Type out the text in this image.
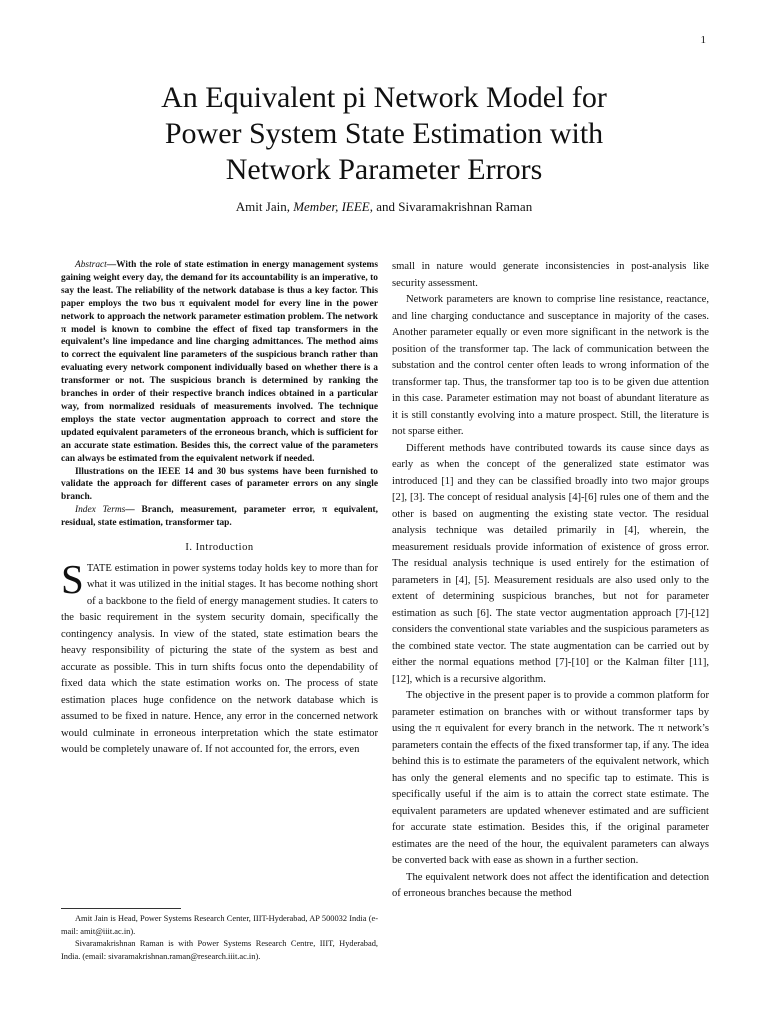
1
An Equivalent pi Network Model for
Power System State Estimation with
Network Parameter Errors
Amit Jain, Member, IEEE, and Sivaramakrishnan Raman

Abstract—With the role of state estimation in energy management systems gaining weight every day, the demand for its accountability is an imperative, to say the least. The reliability of the network database is thus a key factor. This paper employs the two bus π equivalent model for every line in the power network to approach the network parameter estimation problem. The network π model is known to combine the effect of fixed tap transformers in the equivalent’s line impedance and line charging admittances. The method aims to correct the equivalent line parameters of the suspicious branch rather than evaluating every network component individually based on whether there is a transformer or not. The suspicious branch is determined by ranking the branches in order of their respective branch indices obtained in a particular way, from normalized residuals of measurements involved. The technique employs the state vector augmentation approach to correct and store the updated equivalent parameters of the erroneous branch, which is sufficient for an accurate state estimation. Besides this, the correct value of the parameters can always be estimated from the equivalent network if needed.

Illustrations on the IEEE 14 and 30 bus systems have been furnished to validate the approach for different cases of parameter errors on any single branch.

Index Terms— Branch, measurement, parameter error, π equivalent, residual, state estimation, transformer tap.

I. Introduction

STATE estimation in power systems today holds key to more than for what it was utilized in the initial stages. It has become nothing short of a backbone to the field of energy management studies. It caters to the basic requirement in the system security domain, specifically the contingency analysis. In view of the stated, state estimation bears the heavy responsibility of picturing the state of the system as best and accurate as possible. This in turn shifts focus onto the dependability of fixed data which the state estimation works on. The process of state estimation places huge confidence on the network database which is assumed to be fixed in nature. Hence, any error in the concerned network would culminate in erroneous interpretation which the state estimator would be completely unaware of. If not accounted for, the errors, even

Amit Jain is Head, Power Systems Research Center, IIIT-Hyderabad, AP 500032 India (e-mail: amit@iiit.ac.in).

Sivaramakrishnan Raman is with Power Systems Research Centre, IIIT, Hyderabad, India. (email: sivaramakrishnan.raman@research.iiit.ac.in).

small in nature would generate inconsistencies in post-analysis like security assessment.

Network parameters are known to comprise line resistance, reactance, and line charging conductance and susceptance in majority of the cases. Another parameter equally or even more significant in the network is the position of the transformer tap. The lack of communication between the substation and the control center often leads to wrong information of the transformer tap. Thus, the transformer tap too is to be given due attention in this case. Parameter estimation may not boast of abundant literature as it is still constantly evolving into a mature prospect. Still, the literature is not sparse either.

Different methods have contributed towards its cause since days as early as when the concept of the generalized state estimator was introduced [1] and they can be classified broadly into two major groups [2], [3]. The concept of residual analysis [4]-[6] rules one of them and the other is based on augmenting the existing state vector. The residual analysis technique was detailed primarily in [4], wherein, the measurement residuals provide information of existence of gross error. The residual analysis technique is used entirely for the estimation of parameters in [4], [5]. Measurement residuals are also used only to the extent of determining suspicious branches, but not for parameter estimation as such [6]. The state vector augmentation approach [7]-[12] considers the conventional state variables and the suspicious parameters as the combined state vector. The state augmentation can be carried out by either the normal equations method [7]-[10] or the Kalman filter [11], [12], which is a recursive algorithm.

The objective in the present paper is to provide a common platform for parameter estimation on branches with or without transformer taps by using the π equivalent for every branch in the network. The π network’s parameters contain the effects of the fixed transformer tap, if any. The idea behind this is to estimate the parameters of the equivalent network, which has only the general elements and no specific tap to estimate. This is specifically useful if the aim is to attain the correct state estimate. The equivalent parameters are updated whenever estimated and are sufficient for accurate state estimation. Besides this, if the original parameter estimates are the need of the hour, the equivalent parameters can always be converted back with ease as shown in a further section.

The equivalent network does not affect the identification and detection of erroneous branches because the method
